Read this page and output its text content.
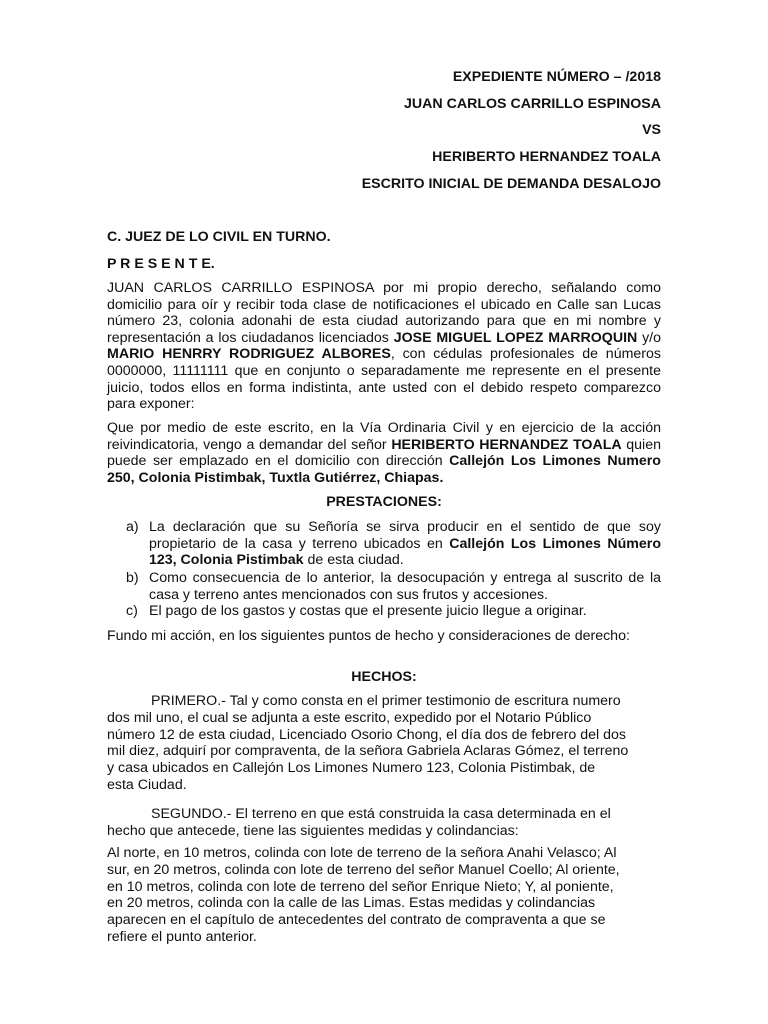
EXPEDIENTE NÚMERO – /2018
JUAN CARLOS CARRILLO ESPINOSA
VS
HERIBERTO HERNANDEZ TOALA
ESCRITO INICIAL DE DEMANDA DESALOJO
C. JUEZ DE LO CIVIL EN TURNO.
P R E S E N T E.
JUAN CARLOS CARRILLO ESPINOSA por mi propio derecho, señalando como domicilio para oír y recibir toda clase de notificaciones el ubicado en Calle san Lucas número 23, colonia adonahi de esta ciudad autorizando para que en mi nombre y representación a los ciudadanos licenciados JOSE MIGUEL LOPEZ MARROQUIN y/o MARIO HENRRY RODRIGUEZ ALBORES, con cédulas profesionales de números 0000000, 11111111 que en conjunto o separadamente me represente en el presente juicio, todos ellos en forma indistinta, ante usted con el debido respeto comparezco para exponer:
Que por medio de este escrito, en la Vía Ordinaria Civil y en ejercicio de la acción reivindicatoria, vengo a demandar del señor HERIBERTO HERNANDEZ TOALA quien puede ser emplazado en el domicilio con dirección Callejón Los Limones Numero 250, Colonia Pistimbak, Tuxtla Gutiérrez, Chiapas.
PRESTACIONES:
a) La declaración que su Señoría se sirva producir en el sentido de que soy propietario de la casa y terreno ubicados en Callejón Los Limones Número 123, Colonia Pistimbak de esta ciudad.
b) Como consecuencia de lo anterior, la desocupación y entrega al suscrito de la casa y terreno antes mencionados con sus frutos y accesiones.
c) El pago de los gastos y costas que el presente juicio llegue a originar.
Fundo mi acción, en los siguientes puntos de hecho y consideraciones de derecho:
HECHOS:

PRIMERO.- Tal y como consta en el primer testimonio de escritura numero

dos mil uno, el cual se adjunta a este escrito, expedido por el Notario Público

número 12 de esta ciudad, Licenciado Osorio Chong, el día dos de febrero del dos

mil diez, adquirí por compraventa, de la señora Gabriela Aclaras Gómez, el terreno

y casa ubicados en Callejón Los Limones Numero 123, Colonia Pistimbak, de

esta Ciudad.

SEGUNDO.- El terreno en que está construida la casa determinada en el

hecho que antecede, tiene las siguientes medidas y colindancias:

Al norte, en 10 metros, colinda con lote de terreno de la señora Anahi Velasco; Al

sur, en 20 metros, colinda con lote de terreno del señor Manuel Coello; Al oriente,

en 10 metros, colinda con lote de terreno del señor Enrique Nieto; Y, al poniente,

en 20 metros, colinda con la calle de las Limas. Estas medidas y colindancias

aparecen en el capítulo de antecedentes del contrato de compraventa a que se

refiere el punto anterior.
